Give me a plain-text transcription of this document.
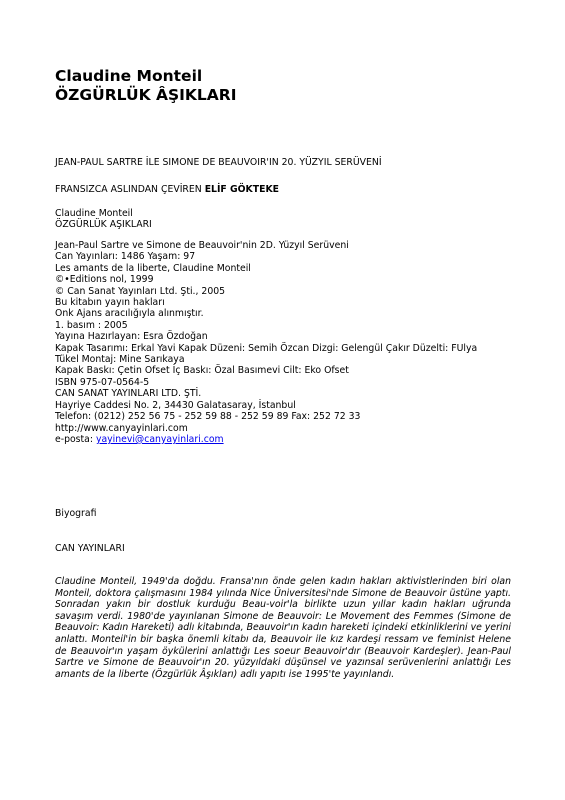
Claudine Monteil
ÖZGÜRLÜK ÂŞIKLARI
JEAN-PAUL SARTRE İLE SIMONE DE BEAUVOIR'IN 20. YÜZYIL SERÜVENİ
FRANSIZCA ASLINDAN ÇEVİREN ELİF GÖKTEKE
Claudine Monteil
ÖZGÜRLÜK AŞIKLARI
Jean-Paul Sartre ve Simone de Beauvoir'nin 2D. Yüzyıl Serüveni
Can Yayınları: 1486 Yaşam: 97
Les amants de la liberte, Claudine Monteil
©•Editions nol, 1999
© Can Sanat Yayınları Ltd. Şti., 2005
Bu kitabın yayın hakları
Onk Ajans aracılığıyla alınmıştır.
1. basım : 2005
Yayına Hazırlayan: Esra Özdoğan
Kapak Tasarımı: Erkal Yavi Kapak Düzeni: Semih Özcan Dizgi: Gelengül Çakır Düzelti: FUlya
Tükel Montaj: Mine Sarıkaya
Kapak Baskı: Çetin Ofset İç Baskı: Özal Basımevi Cilt: Eko Ofset
ISBN 975-07-0564-5
CAN SANAT YAYINLARI LTD. ŞTİ.
Hayriye Caddesi No. 2, 34430 Galatasaray, İstanbul
Telefon: (0212) 252 56 75 - 252 59 88 - 252 59 89 Fax: 252 72 33
http://www.canyayinlari.com
e-posta: yayinevi@canyayinlari.com
Biyografi
CAN YAYINLARI
Claudine Monteil, 1949'da doğdu. Fransa'nın önde gelen kadın hakları aktivistlerinden biri olan Monteil, doktora çalışmasını 1984 yılında Nice Üniversitesi'nde Simone de Beauvoir üstüne yaptı. Sonradan yakın bir dostluk kurduğu Beau-voir'la birlikte uzun yıllar kadın hakları uğrunda savaşım verdi. 1980'de yayınlanan Simone de Beauvoir: Le Movement des Femmes (Simone de Beauvoir: Kadın Hareketi) adlı kitabında, Beauvoir'ın kadın hareketi içindeki etkinliklerini ve yerini anlattı. Monteil'in bir başka önemli kitabı da, Beauvoir ile kız kardeşi ressam ve feminist Helene de Beauvoir'ın yaşam öykülerini anlattığı Les soeur Beauvoir'dır (Beauvoir Kardeşler). Jean-Paul Sartre ve Simone de Beauvoir'ın 20. yüzyıldaki düşünsel ve yazınsal serüvenlerini anlattığı Les amants de la liberte (Özgürlük Âşıkları) adlı yapıtı ise 1995'te yayınlandı.
